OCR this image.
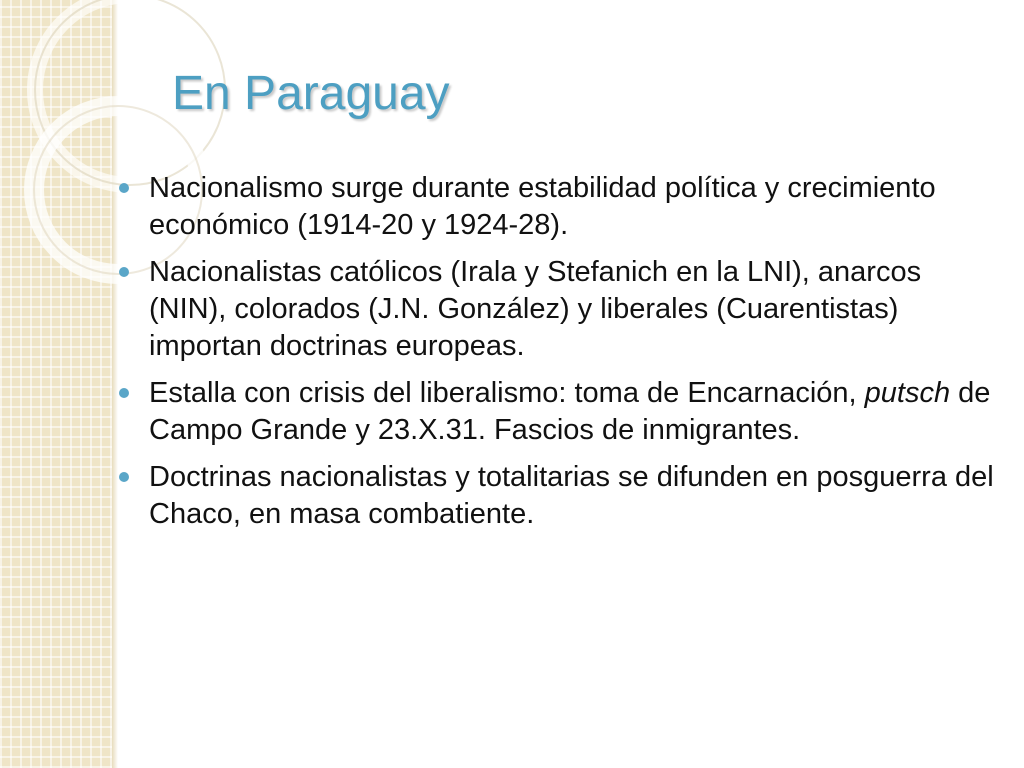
En Paraguay
Nacionalismo surge durante estabilidad política y crecimiento económico (1914-20 y 1924-28).
Nacionalistas católicos (Irala y Stefanich en la LNI), anarcos (NIN), colorados (J.N. González) y liberales (Cuarentistas) importan doctrinas europeas.
Estalla con crisis del liberalismo: toma de Encarnación, putsch de Campo Grande y 23.X.31. Fascios de inmigrantes.
Doctrinas nacionalistas y totalitarias se difunden en posguerra del Chaco, en masa combatiente.
